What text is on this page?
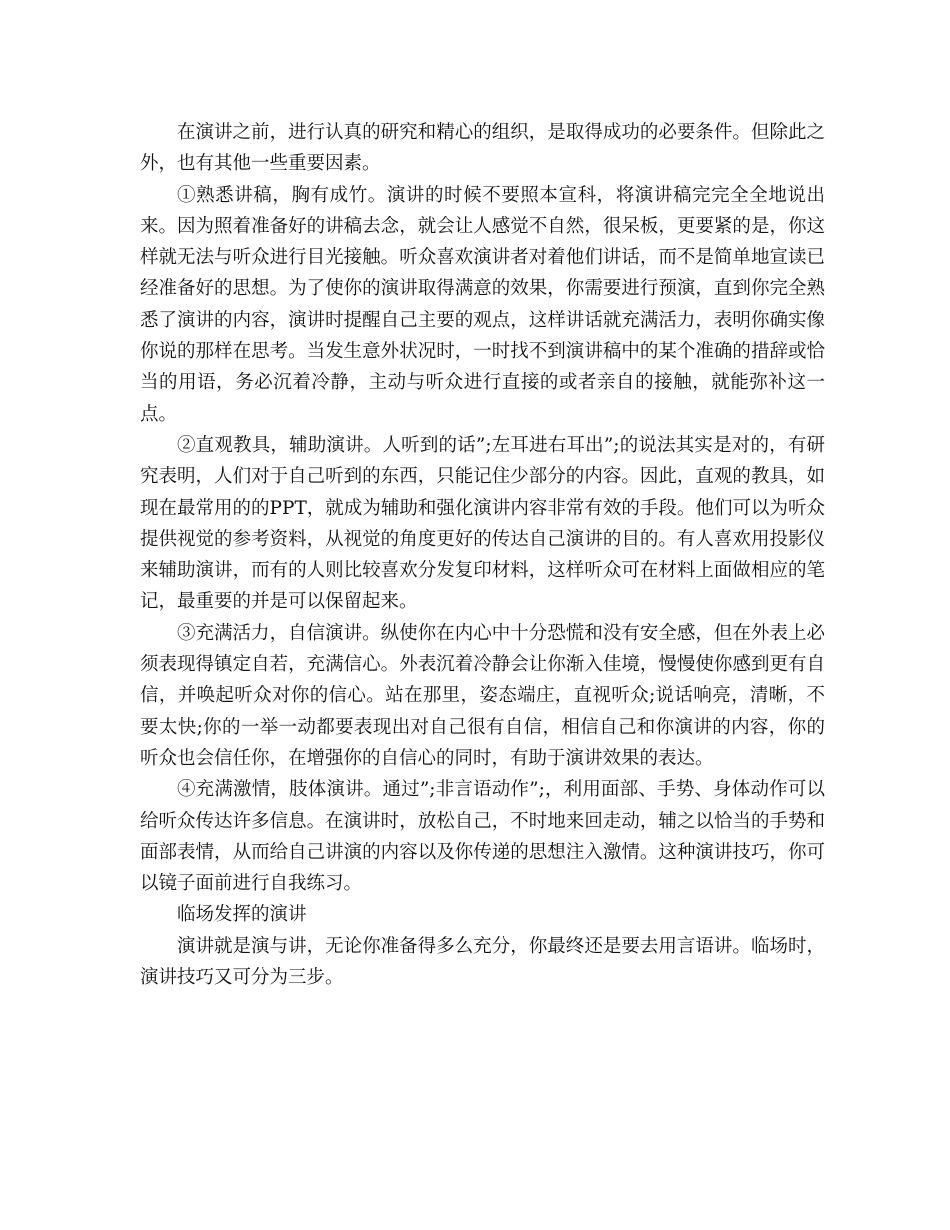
在演讲之前，进行认真的研究和精心的组织，是取得成功的必要条件。但除此之外，也有其他一些重要因素。

①熟悉讲稿，胸有成竹。演讲的时候不要照本宣科，将演讲稿完完全全地说出来。因为照着准备好的讲稿去念，就会让人感觉不自然，很呆板，更要紧的是，你这样就无法与听众进行目光接触。听众喜欢演讲者对着他们讲话，而不是简单地宣读已经准备好的思想。为了使你的演讲取得满意的效果，你需要进行预演，直到你完全熟悉了演讲的内容，演讲时提醒自己主要的观点，这样讲话就充满活力，表明你确实像你说的那样在思考。当发生意外状况时，一时找不到演讲稿中的某个准确的措辞或恰当的用语，务必沉着冷静，主动与听众进行直接的或者亲自的接触，就能弥补这一点。

②直观教具，辅助演讲。人听到的话”;左耳进右耳出”;的说法其实是对的，有研究表明，人们对于自己听到的东西，只能记住少部分的内容。因此，直观的教具，如现在最常用的的PPT，就成为辅助和强化演讲内容非常有效的手段。他们可以为听众提供视觉的参考资料，从视觉的角度更好的传达自己演讲的目的。有人喜欢用投影仪来辅助演讲，而有的人则比较喜欢分发复印材料，这样听众可在材料上面做相应的笔记，最重要的并是可以保留起来。

③充满活力，自信演讲。纵使你在内心中十分恐慌和没有安全感，但在外表上必须表现得镇定自若，充满信心。外表沉着冷静会让你渐入佳境，慢慢使你感到更有自信，并唤起听众对你的信心。站在那里，姿态端庄，直视听众;说话响亮，清晰，不要太快;你的一举一动都要表现出对自己很有自信，相信自己和你演讲的内容，你的听众也会信任你，在增强你的自信心的同时，有助于演讲效果的表达。

④充满激情，肢体演讲。通过”;非言语动作”;，利用面部、手势、身体动作可以给听众传达许多信息。在演讲时，放松自己，不时地来回走动，辅之以恰当的手势和面部表情，从而给自己讲演的内容以及你传递的思想注入激情。这种演讲技巧，你可以镜子面前进行自我练习。

临场发挥的演讲

演讲就是演与讲，无论你准备得多么充分，你最终还是要去用言语讲。临场时，演讲技巧又可分为三步。
